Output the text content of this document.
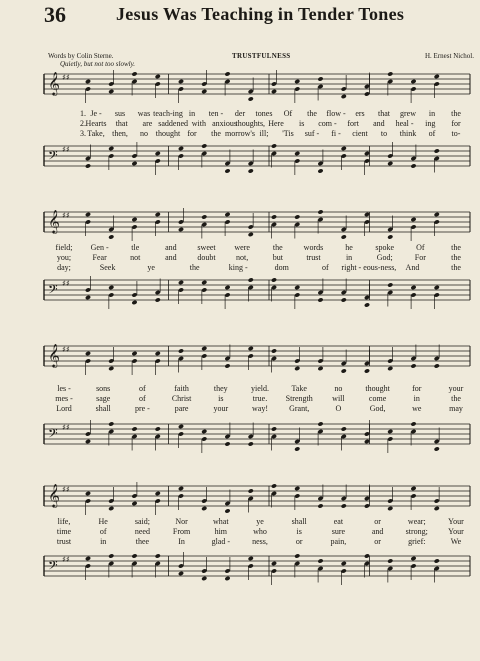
36	Jesus Was Teaching in Tender Tones
Words by Colin Sterne.	TRUSTFULNESS	H. Ernest Nichol.
Quietly, but not too slowly.
𝄞 ♯♯
1. Je - sus was teach-ing in ten - der tones Of the flow - ers that grew in the
2. Hearts that are saddened with anxious
thoughts, Here is com - fort and heal - ing for
3. Take, then, no thought for the morrow's ill; 'Tis suf - fi - cient to think of to-
𝄢 ♯♯
𝄞 ♯♯
field; Gen -	tle	and	sweet were	the	words	he	spoke	Of	the
you;	Fear	not	and	doubt	not,	but	trust	in	God;	For	the
day;	Seek	ye	the	king -	dom	of right - eous-ness, And	the
𝄢 ♯♯
𝄞 ♯♯
les -	sons	of	faith	they	yield.	Take	no	thought	for	your
mes -	sage	of	Christ	is	true. Strength will	come	in	the
Lord	shall	pre -	pare	your	way!	Grant,	O	God,	we	may
𝄢 ♯♯
𝄞 ♯♯
life,	He	said;	Nor	what	ye	shall	eat	or	wear;	Your
time	of	need	From	him	who	is	sure	and	strong;	Your
trust	in	thee	In	glad -	ness,	or	pain,	or	grief:	We
𝄢 ♯♯
